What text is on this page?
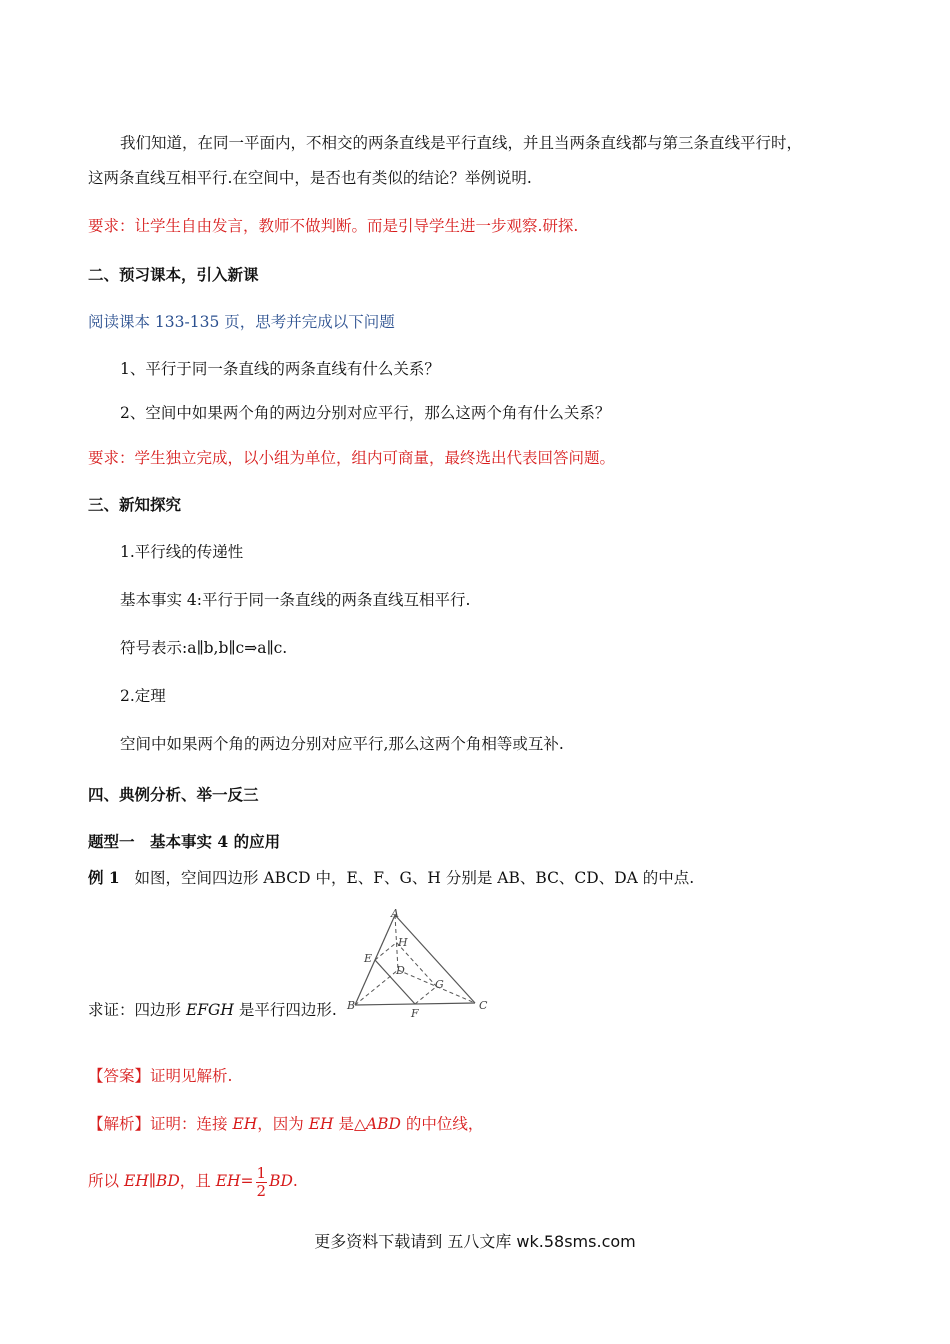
我们知道，在同一平面内，不相交的两条直线是平行直线，并且当两条直线都与第三条直线平行时，
这两条直线互相平行.在空间中，是否也有类似的结论？举例说明.
要求：让学生自由发言，教师不做判断。而是引导学生进一步观察.研探.
二、预习课本，引入新课
阅读课本 133-135 页，思考并完成以下问题
1、平行于同一条直线的两条直线有什么关系？
2、空间中如果两个角的两边分别对应平行，那么这两个角有什么关系？
要求：学生独立完成，以小组为单位，组内可商量，最终选出代表回答问题。
三、新知探究
1.平行线的传递性
基本事实 4:平行于同一条直线的两条直线互相平行.
符号表示:a∥b,b∥c⇒a∥c.
2.定理
空间中如果两个角的两边分别对应平行,那么这两个角相等或互补.
四、典例分析、举一反三
题型一　基本事实 4 的应用
例 1 如图，空间四边形 ABCD 中，E、F、G、H 分别是 AB、BC、CD、DA 的中点.
A
B	C
D
E
F
G
H
求证：四边形 EFGH 是平行四边形.
【答案】证明见解析.
【解析】证明：连接 EH，因为 EH 是△ABD 的中位线，
所以 EH∥BD，且 $EH= \frac{1}{2}$ BD.
更多资料下载请到 五八文库 wk.58sms.com
